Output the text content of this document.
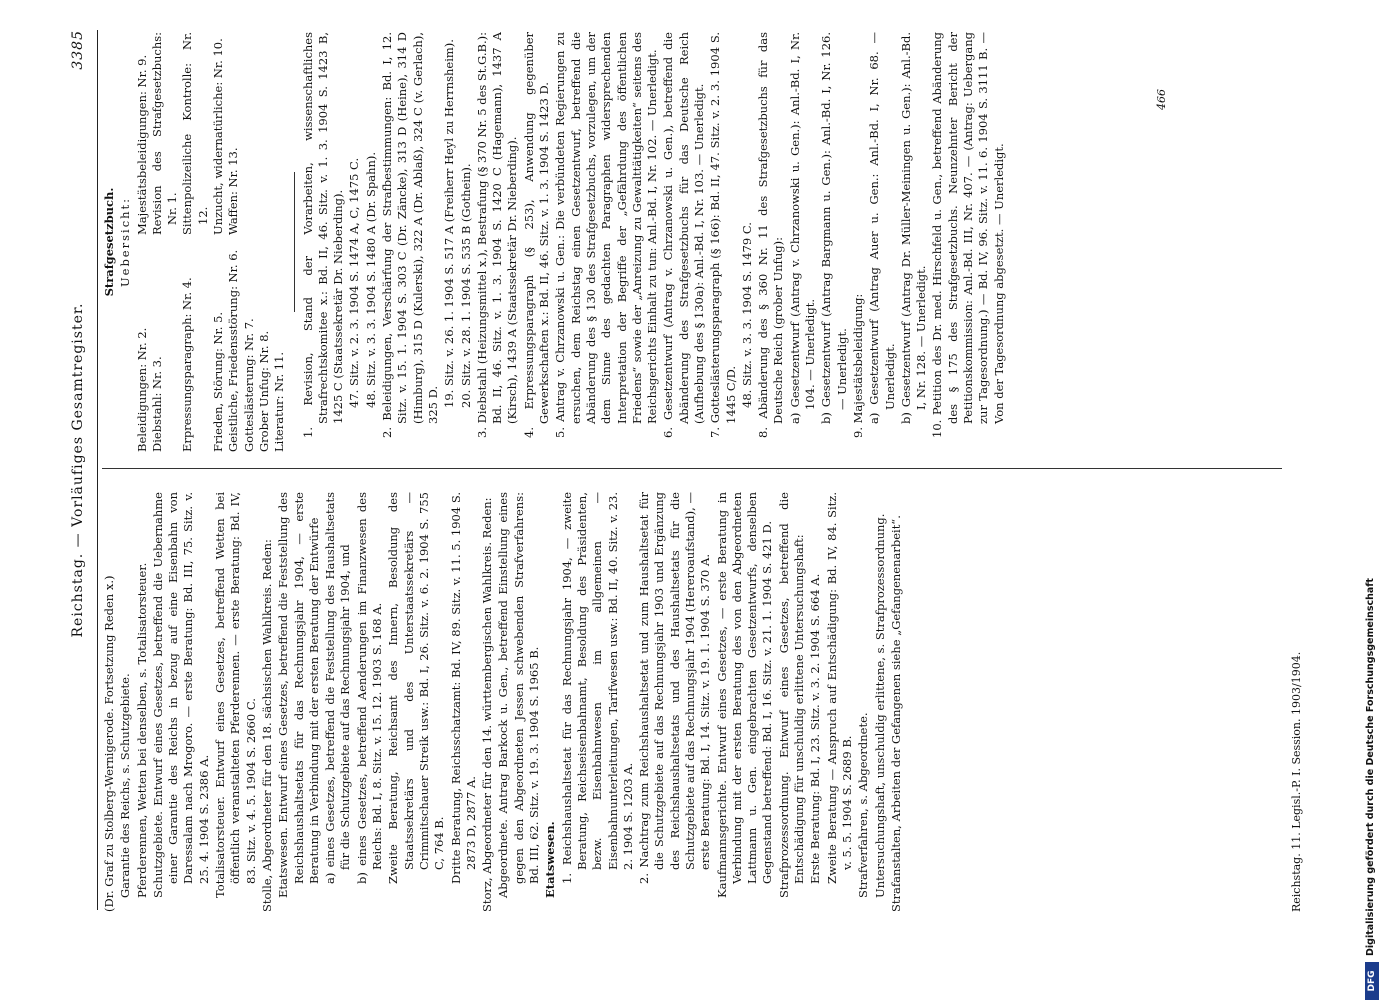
Reichstag. — Vorläufiges Gesamtregister.
3385
(Dr. Graf zu Stolberg-Wernigerode. Fortsetzung Reden x.) Garantie des Reichs, s. Schutzgebiete. Pferderennen, Wetten bei denselben, s. Totalisatorsteuer. Schutzgebiete. Entwurf eines Gesetzes, betreffend die Uebernahme einer Garantie des Reichs in bezug auf eine Eisenbahn von Daressalam nach Mrogoro. — erste Beratung: Bd. III, 75. Sitz. v. 25. 4. 1904 S. 2386 A. Totalisatorsteuer. Entwurf eines Gesetzes, betreffend Wetten bei öffentlich veranstalteten Pferderennen. — erste Beratung: Bd. IV, 83. Sitz. v. 4. 5. 1904 S. 2660 C. Stolle, Abgeordneter für den 18. sächsischen Wahlkreis. Reden: Etatswesen. Entwurf eines Gesetzes, betreffend die Feststellung des Reichshaushaltsetats für das Rechnungsjahr 1904, — erste Beratung in Verbindung mit der ersten Beratung der Entwürfe a) eines Gesetzes, betreffend die Feststellung des Haushaltsetats für die Schutzgebiete auf das Rechnungsjahr 1904, und b) eines Gesetzes, betreffend Aenderungen im Finanzwesen des Reichs: Bd. I, 8. Sitz. v. 15. 12. 1903 S. 168 A. Zweite Beratung, Reichsamt des Innern, Besoldung des Staatssekretärs und des Unterstaatssekretärs — Crimmitschauer Streik usw.: Bd. I, 26. Sitz. v. 6. 2. 1904 S. 755 C, 764 B. Dritte Beratung, Reichsschatzamt: Bd. IV, 89. Sitz. v. 11. 5. 1904 S. 2873 D, 2877 A. Storz, Abgeordneter für den 14. württembergischen Wahlkreis. Reden: Abgeordnete. Antrag Barkock u. Gen., betreffend Einstellung eines gegen den Abgeordneten Jessen schwebenden Strafverfahrens: Bd. III, 62. Sitz. v. 19. 3. 1904 S. 1965 B. Etatswesen. 1. Reichshaushaltsetat für das Rechnungsjahr 1904, — zweite Beratung, Reichseisenbahnamt, Besoldung des Präsidenten, bezw. Eisenbahnwesen im allgemeinen — Eisenbahnunterleitungen, Tarifwesen usw.: Bd. II, 40. Sitz. v. 23. 2. 1904 S. 1203 A. 2. Nachtrag zum Reichshaushaltsetat und zum Haushaltsetat für die Schutzgebiete auf das Rechnungsjahr 1903 und Ergänzung des Reichshaushaltsetats und des Haushaltsetats für die Schutzgebiete auf das Rechnungsjahr 1904 (Hereroaufstand), — erste Beratung: Bd. I, 14. Sitz. v. 19. 1. 1904 S. 370 A. Kaufmannsgerichte. Entwurf eines Gesetzes, — erste Beratung in Verbindung mit der ersten Beratung des von den Abgeordneten Lattmann u. Gen. eingebrachten Gesetzentwurfs, denselben Gegenstand betreffend: Bd. I, 16. Sitz. v. 21. 1. 1904 S. 421 D. Strafprozessordnung. Entwurf eines Gesetzes, betreffend die Entschädigung für unschuldig erlittene Untersuchungshaft: Erste Beratung: Bd. I, 23. Sitz. v. 3. 2. 1904 S. 664 A. Zweite Beratung — Anspruch auf Entschädigung: Bd. IV, 84. Sitz. v. 5. 5. 1904 S. 2689 B. Strafverfahren, s. Abgeordnete. Untersuchungshaft, unschuldig erlittene, s. Strafprozessordnung. Strafanstalten, Arbeiten der Gefangenen siehe „Gefangenenarbeit“.
Strafgesetzbuch. Uebersicht:
Beleidigungen: Nr. 2.
Majestätsbeleidigungen: Nr. 9.
Diebstahl: Nr. 3.
Revision des Strafgesetzbuchs: Nr. 1.
Erpressungsparagraph: Nr. 4.
Sittenpolizeiliche Kontrolle: Nr. 12.
Frieden, Störung: Nr. 5.
Unzucht, widernatürliche: Nr. 10.
Geistliche, Friedensstörung: Nr. 6.
Waffen: Nr. 13.
Gotteslästerung: Nr. 7. Grober Unfug: Nr. 8. Literatur: Nr. 11. 1. Revision, Stand der Vorarbeiten, wissenschaftliches Strafrechtskomitee x.: Bd. II, 46. Sitz. v. 1. 3. 1904 S. 1423 B, 1425 C (Staatssekretär Dr. Nieberding). 47. Sitz. v. 2. 3. 1904 S. 1474 A, C, 1475 C. 48. Sitz. v. 3. 3. 1904 S. 1480 A (Dr. Spahn). 2. Beleidigungen, Verschärfung der Strafbestimmungen: Bd. I, 12. Sitz. v. 15. 1. 1904 S. 303 C (Dr. Zäncke), 313 D (Heine), 314 D (Himburg), 315 D (Kulerski), 322 A (Dr. Ablaß), 324 C (v. Gerlach), 325 D. 19. Sitz. v. 26. 1. 1904 S. 517 A (Freiherr Heyl zu Herrnsheim). 20. Sitz. v. 28. 1. 1904 S. 535 B (Gothein). 3. Diebstahl (Heizungsmittel x.), Bestrafung (§ 370 Nr. 5 des St.G.B.): Bd. II, 46. Sitz. v. 1. 3. 1904 S. 1420 C (Hagemann), 1437 A (Kirsch), 1439 A (Staatssekretär Dr. Nieberding). 4. Erpressungsparagraph (§ 253), Anwendung gegenüber Gewerkschaften x.: Bd. II, 46. Sitz. v. 1. 3. 1904 S. 1423 D. 5. Antrag v. Chrzanowski u. Gen.: Die verbündeten Regierungen zu ersuchen, dem Reichstag einen Gesetzentwurf, betreffend die Abänderung des § 130 des Strafgesetzbuchs, vorzulegen, um der dem Sinne des gedachten Paragraphen widersprechenden Interpretation der Begriffe der „Gefährdung des öffentlichen Friedens“ sowie der „Anreizung zu Gewalttätigkeiten“ seitens des Reichsgerichts Einhalt zu tun: Anl.-Bd. I, Nr. 102. — Unerledigt. 6. Gesetzentwurf (Antrag v. Chrzanowski u. Gen.), betreffend die Abänderung des Strafgesetzbuchs für das Deutsche Reich (Aufhebung des § 130a): Anl.-Bd. I, Nr. 103. — Unerledigt. 7. Gotteslästerungsparagraph (§ 166): Bd. II, 47. Sitz. v. 2. 3. 1904 S. 1445 C/D. 48. Sitz. v. 3. 3. 1904 S. 1479 C. 8. Abänderung des § 360 Nr. 11 des Strafgesetzbuchs für das Deutsche Reich (grober Unfug): a) Gesetzentwurf (Antrag v. Chrzanowski u. Gen.): Anl.-Bd. I, Nr. 104. — Unerledigt. b) Gesetzentwurf (Antrag Bargmann u. Gen.): Anl.-Bd. I, Nr. 126. — Unerledigt. 9. Majestätsbeleidigung: a) Gesetzentwurf (Antrag Auer u. Gen.: Anl.-Bd. I, Nr. 68. — Unerledigt. b) Gesetzentwurf (Antrag Dr. Müller-Meiningen u. Gen.): Anl.-Bd. I, Nr. 128. — Unerledigt. 10. Petition des Dr. med. Hirschfeld u. Gen., betreffend Abänderung des § 175 des Strafgesetzbuchs. Neunzehnter Bericht der Petitionskommission: Anl.-Bd. III, Nr. 407. — (Antrag: Uebergang zur Tagesordnung.) — Bd. IV, 96. Sitz. v. 11. 6. 1904 S. 3111 B. — Von der Tagesordnung abgesetzt. — Unerledigt.
466
Reichstag. 11. Legisl.-P. I. Session. 1903/1904.
DFG
Digitalisierung gefördert durch die Deutsche Forschungsgemeinschaft
